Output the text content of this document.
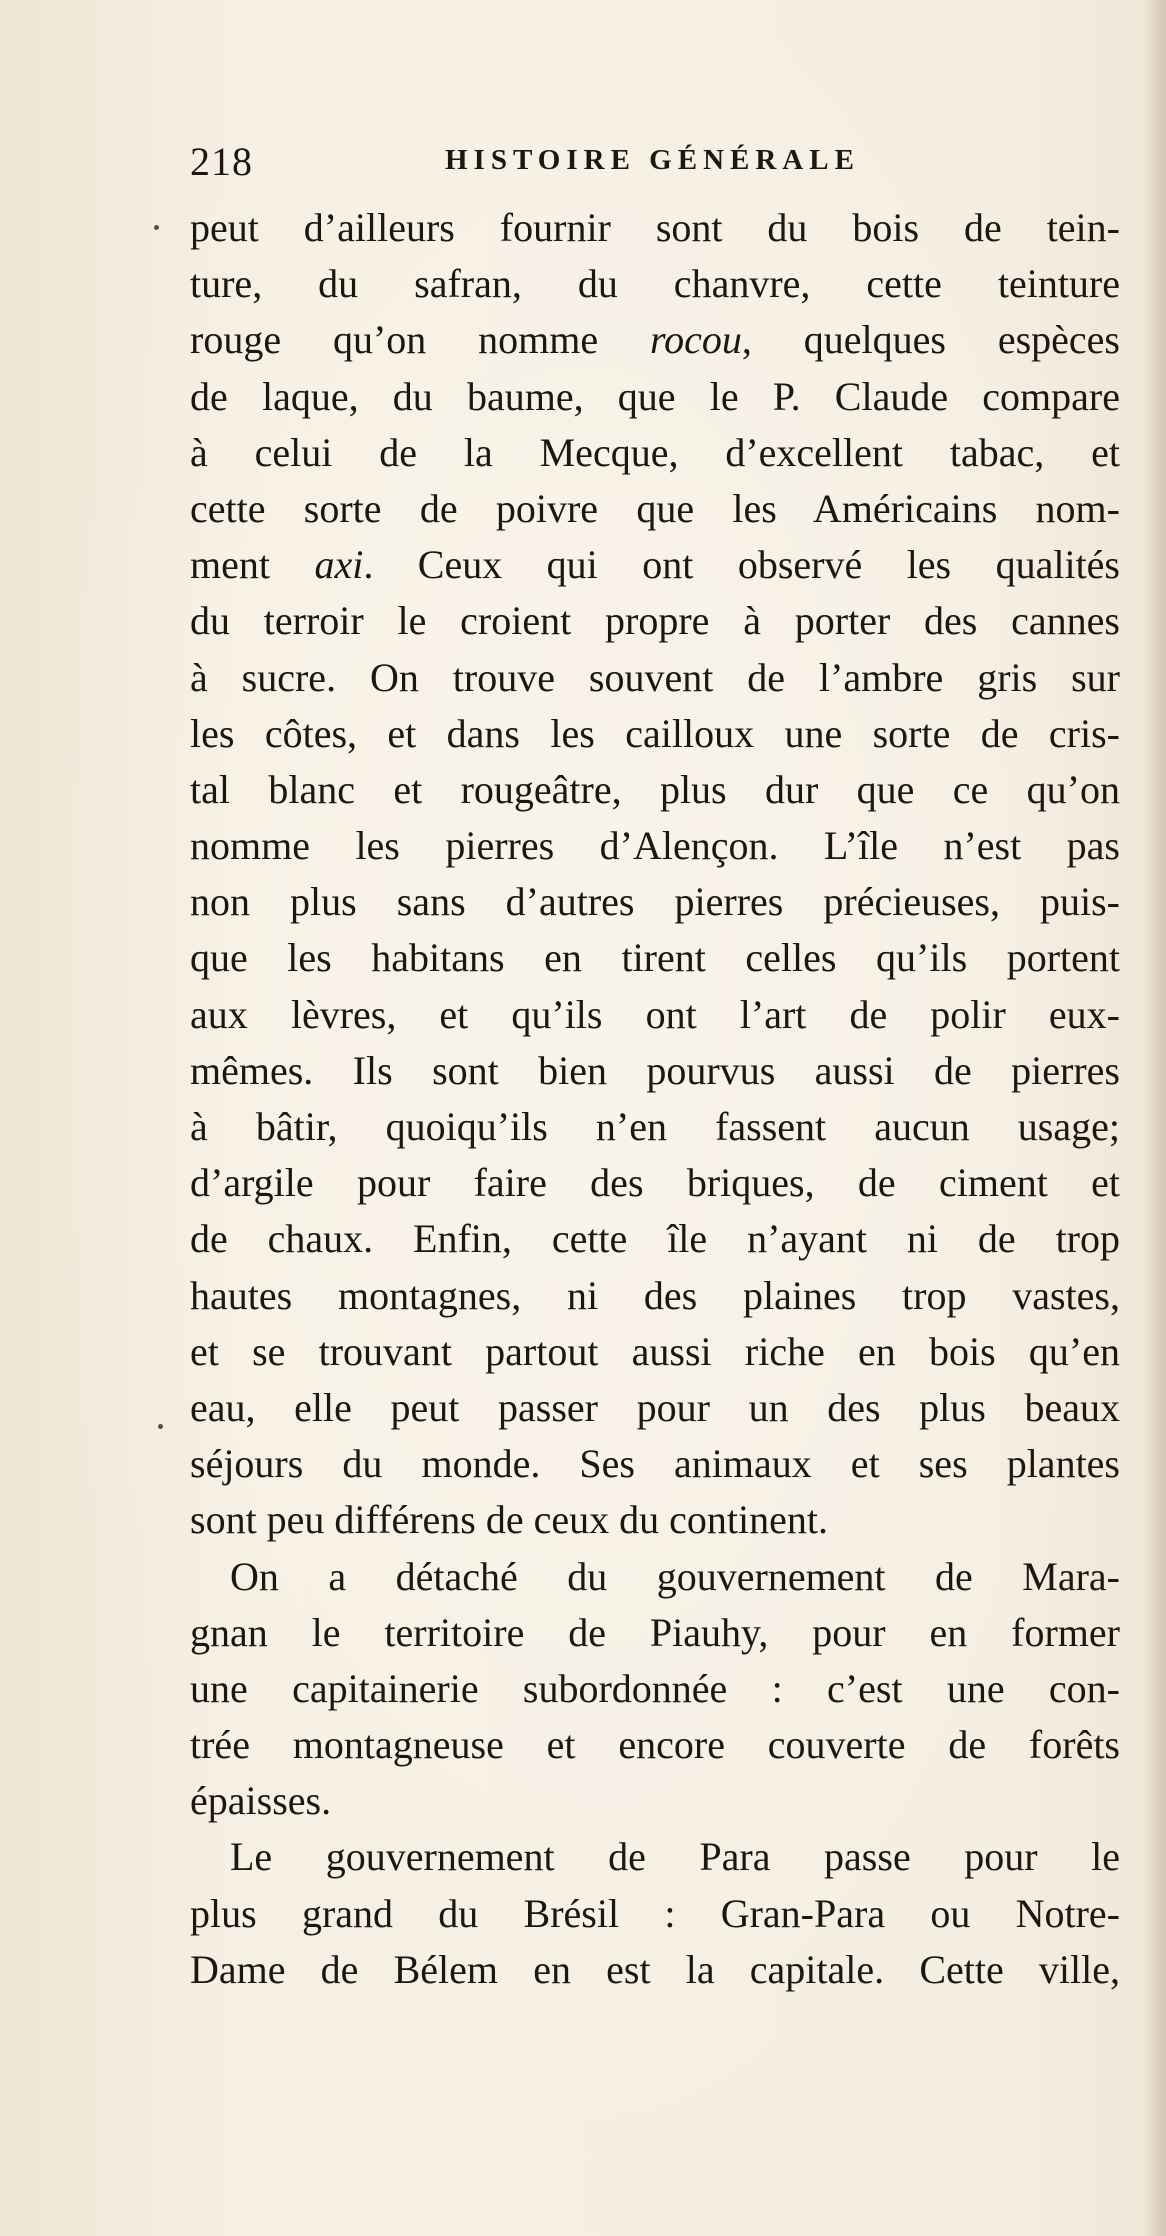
218	HISTOIRE GÉNÉRALE
peut d’ailleurs fournir sont du bois de tein-
ture, du safran, du chanvre, cette teinture
rouge qu’on nomme rocou, quelques espèces
de laque, du baume, que le P. Claude compare
à celui de la Mecque, d’excellent tabac, et
cette sorte de poivre que les Américains nom-
ment axi. Ceux qui ont observé les qualités
du terroir le croient propre à porter des cannes
à sucre. On trouve souvent de l’ambre gris sur
les côtes, et dans les cailloux une sorte de cris-
tal blanc et rougeâtre, plus dur que ce qu’on
nomme les pierres d’Alençon. L’île n’est pas
non plus sans d’autres pierres précieuses, puis-
que les habitans en tirent celles qu’ils portent
aux lèvres, et qu’ils ont l’art de polir eux-
mêmes. Ils sont bien pourvus aussi de pierres
à bâtir, quoiqu’ils n’en fassent aucun usage;
d’argile pour faire des briques, de ciment et
de chaux. Enfin, cette île n’ayant ni de trop
hautes montagnes, ni des plaines trop vastes,
et se trouvant partout aussi riche en bois qu’en
eau, elle peut passer pour un des plus beaux
séjours du monde. Ses animaux et ses plantes
sont peu différens de ceux du continent.
On a détaché du gouvernement de Mara-
gnan le territoire de Piauhy, pour en former
une capitainerie subordonnée : c’est une con-
trée montagneuse et encore couverte de forêts
épaisses.
Le gouvernement de Para passe pour le
plus grand du Brésil : Gran-Para ou Notre-
Dame de Bélem en est la capitale. Cette ville,
